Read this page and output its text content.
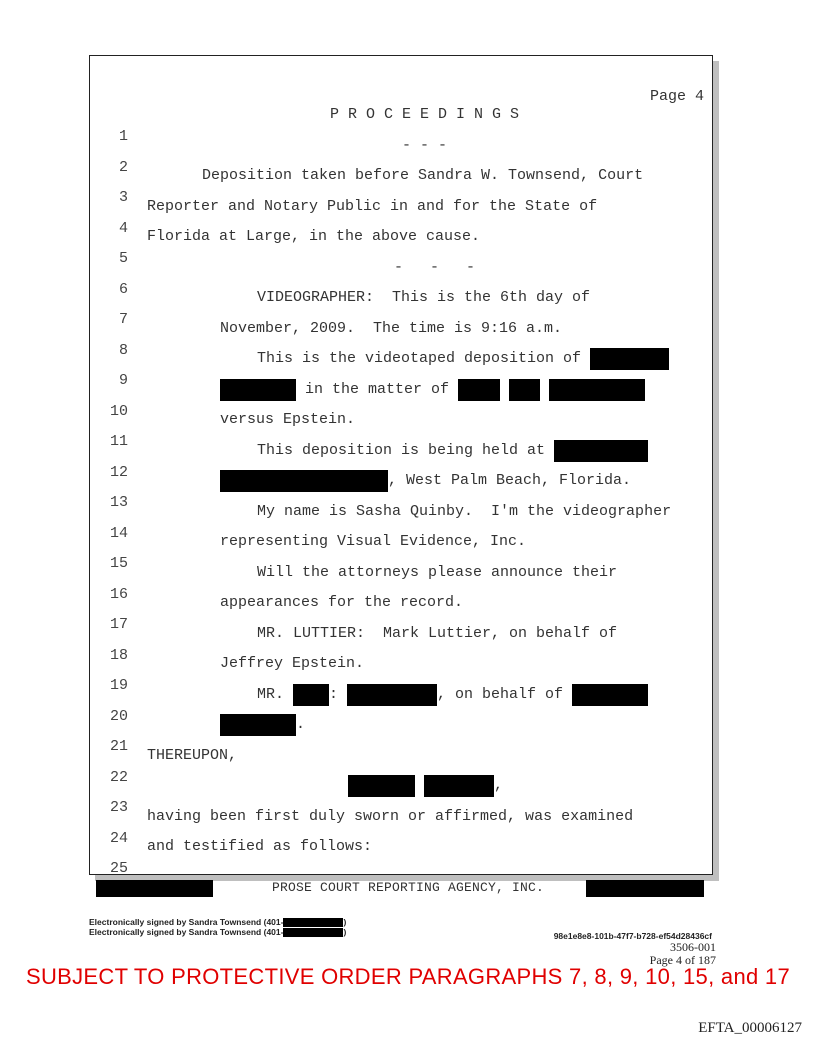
Page 4

1

P R O C E E D I N G S

2

- - -

3

Deposition taken before Sandra W. Townsend, Court

4

Reporter and Notary Public in and for the State of

5

Florida at Large, in the above cause.

6

-   -   -

7

VIDEOGRAPHER:  This is the 6th day of

8

November, 2009.  The time is 9:16 a.m.

9

This is the videotaped deposition of

10

in the matter of

11

versus Epstein.

12

This deposition is being held at

13

, West Palm Beach, Florida.

14

My name is Sasha Quinby.  I'm the videographer

15

representing Visual Evidence, Inc.

16

Will the attorneys please announce their

17

appearances for the record.

18

MR. LUTTIER:  Mark Luttier, on behalf of

19

Jeffrey Epstein.

20

MR. :	, on behalf of

21

.

22

THEREUPON,

23

,

24

having been first duly sworn or affirmed, was examined

25

and testified as follows:

PROSE COURT REPORTING AGENCY, INC.
Electronically signed by Sandra Townsend (401-	)
Electronically signed by Sandra Townsend (401-	)	98e1e8e8-101b-47f7-b728-ef54d28436cf
3506-001
Page 4 of 187
SUBJECT TO PROTECTIVE ORDER PARAGRAPHS 7, 8, 9, 10, 15, and 17
EFTA_00006127
